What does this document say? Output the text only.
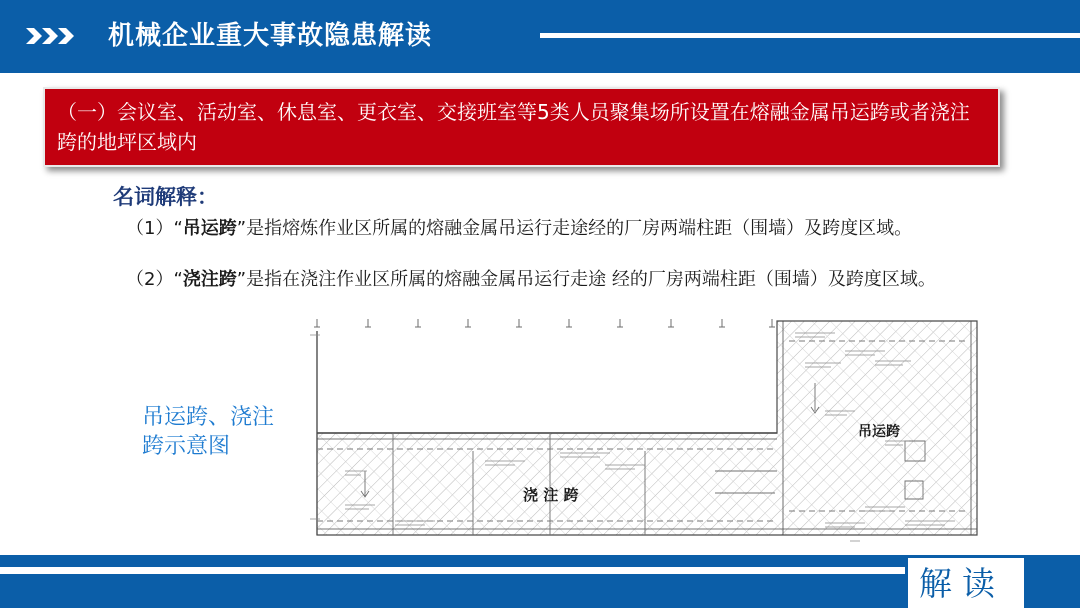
机械企业重大事故隐患解读
（一）会议室、活动室、休息室、更衣室、交接班室等5类人员聚集场所设置在熔融金属吊运跨或者浇注跨的地坪区域内
名词解释：
（1）“吊运跨”是指熔炼作业区所属的熔融金属吊运行走途经的厂房两端柱距（围墙）及跨度区域。
（2）“浇注跨”是指在浇注作业区所属的熔融金属吊运行走途 经的厂房两端柱距（围墙）及跨度区域。
吊运跨、浇注跨示意图
浇 注 跨
吊运跨
解读
